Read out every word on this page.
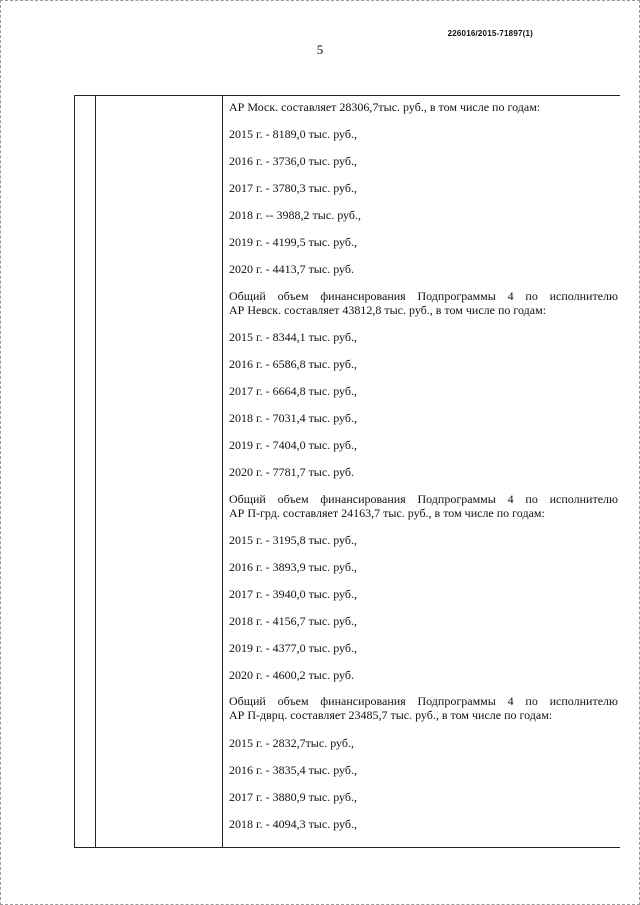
226016/2015-71897(1)
5
АР Моск. составляет 28306,7тыс. руб., в том числе по годам:
2015 г. - 8189,0 тыс. руб.,
2016 г. - 3736,0 тыс. руб.,
2017 г. - 3780,3 тыс. руб.,
2018 г. -- 3988,2 тыс. руб.,
2019 г. - 4199,5 тыс. руб.,
2020 г. - 4413,7 тыс. руб.
Общий объем финансирования Подпрограммы 4 по исполнителю
АР Невск. составляет 43812,8 тыс. руб., в том числе по годам:
2015 г. - 8344,1 тыс. руб.,
2016 г. - 6586,8 тыс. руб.,
2017 г. - 6664,8 тыс. руб.,
2018 г. - 7031,4 тыс. руб.,
2019 г. - 7404,0 тыс. руб.,
2020 г. - 7781,7 тыс. руб.
Общий объем финансирования Подпрограммы 4 по исполнителю
АР П-грд. составляет 24163,7 тыс. руб., в том числе по годам:
2015 г. - 3195,8 тыс. руб.,
2016 г. - 3893,9 тыс. руб.,
2017 г. - 3940,0 тыс. руб.,
2018 г. - 4156,7 тыс. руб.,
2019 г. - 4377,0 тыс. руб.,
2020 г. - 4600,2 тыс. руб.
Общий объем финансирования Подпрограммы 4 по исполнителю
АР П-дврц. составляет 23485,7 тыс. руб., в том числе по годам:
2015 г. - 2832,7тыс. руб.,
2016 г. - 3835,4 тыс. руб.,
2017 г. - 3880,9 тыс. руб.,
2018 г. - 4094,3 тыс. руб.,
